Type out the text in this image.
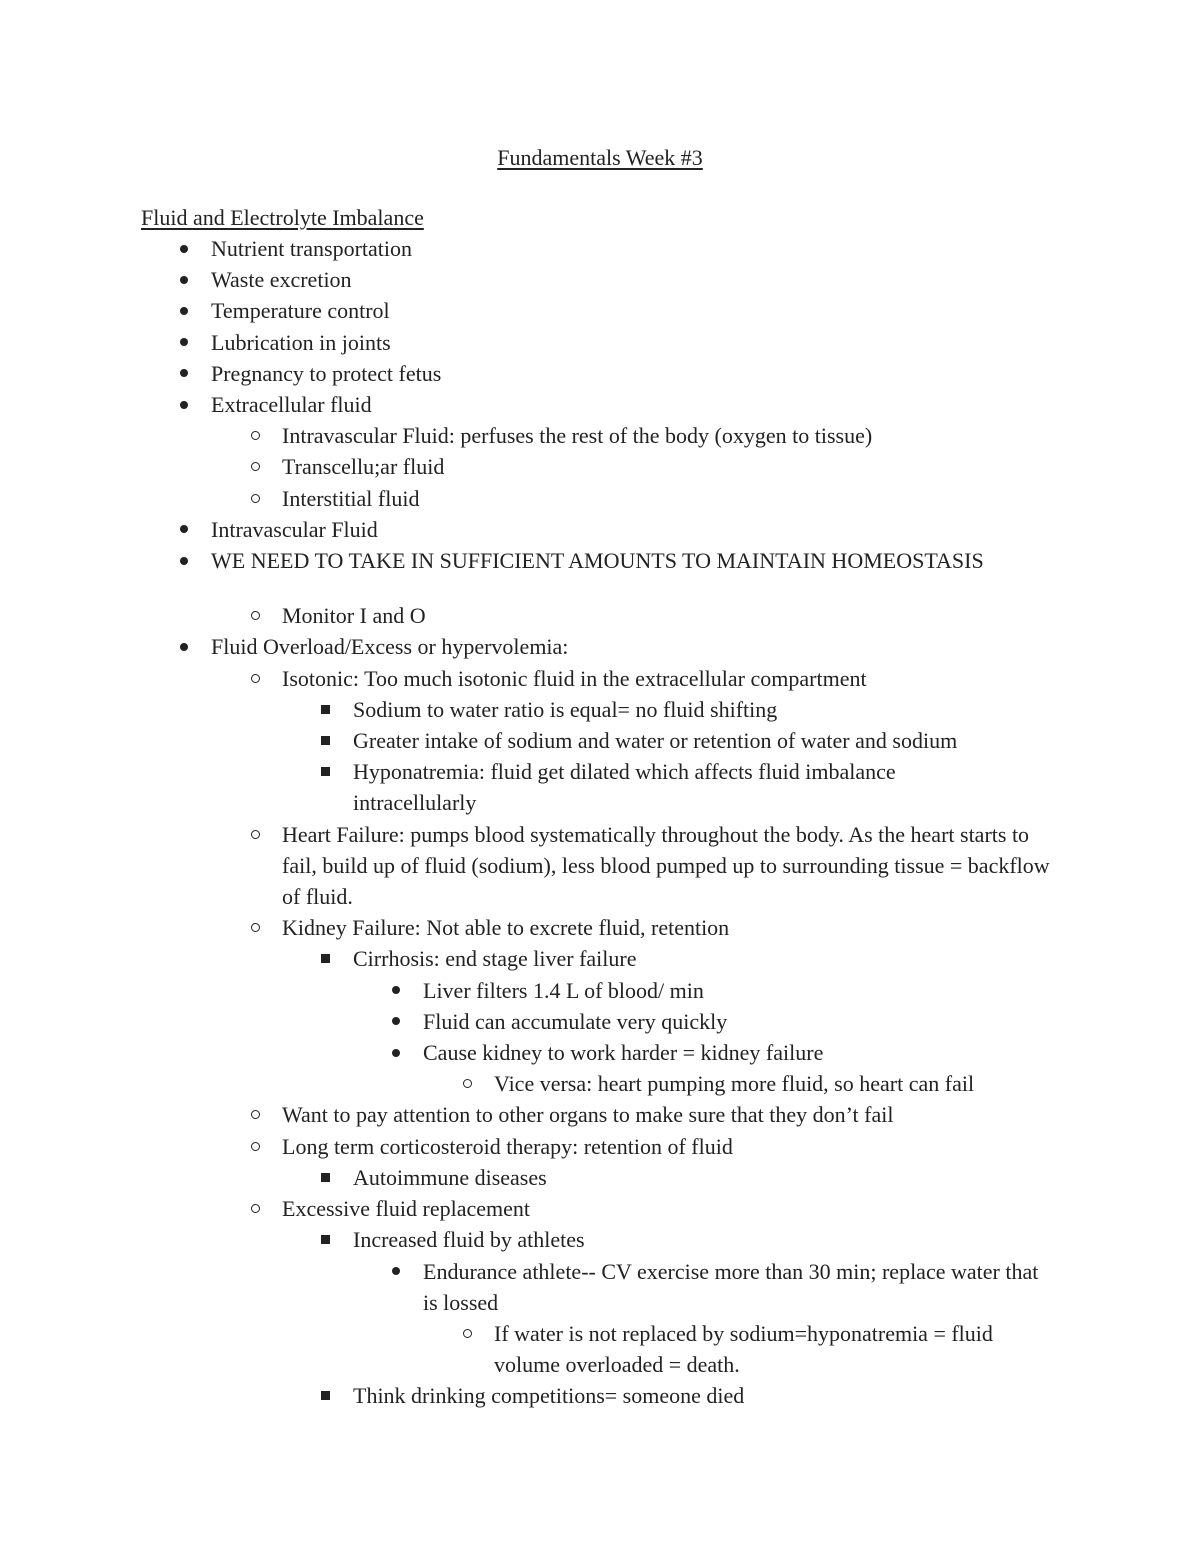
Fundamentals Week #3
Fluid and Electrolyte Imbalance
Nutrient transportation
Waste excretion
Temperature control
Lubrication in joints
Pregnancy to protect fetus
Extracellular fluid
Intravascular Fluid: perfuses the rest of the body (oxygen to tissue)
Transcellu;ar fluid
Interstitial fluid
Intravascular Fluid
WE NEED TO TAKE IN SUFFICIENT AMOUNTS TO MAINTAIN HOMEOSTASIS
Monitor I and O
Fluid Overload/Excess or hypervolemia:
Isotonic: Too much isotonic fluid in the extracellular compartment
Sodium to water ratio is equal= no fluid shifting
Greater intake of sodium and water or retention of water and sodium
Hyponatremia: fluid get dilated which affects fluid imbalance intracellularly
Heart Failure: pumps blood systematically throughout the body. As the heart starts to fail, build up of fluid (sodium), less blood pumped up to surrounding tissue = backflow of fluid.
Kidney Failure: Not able to excrete fluid, retention
Cirrhosis: end stage liver failure
Liver filters 1.4 L of blood/ min
Fluid can accumulate very quickly
Cause kidney to work harder = kidney failure
Vice versa: heart pumping more fluid, so heart can fail
Want to pay attention to other organs to make sure that they don’t fail
Long term corticosteroid therapy: retention of fluid
Autoimmune diseases
Excessive fluid replacement
Increased fluid by athletes
Endurance athlete-- CV exercise more than 30 min; replace water that is lossed
If water is not replaced by sodium=hyponatremia = fluid volume overloaded = death.
Think drinking competitions= someone died
